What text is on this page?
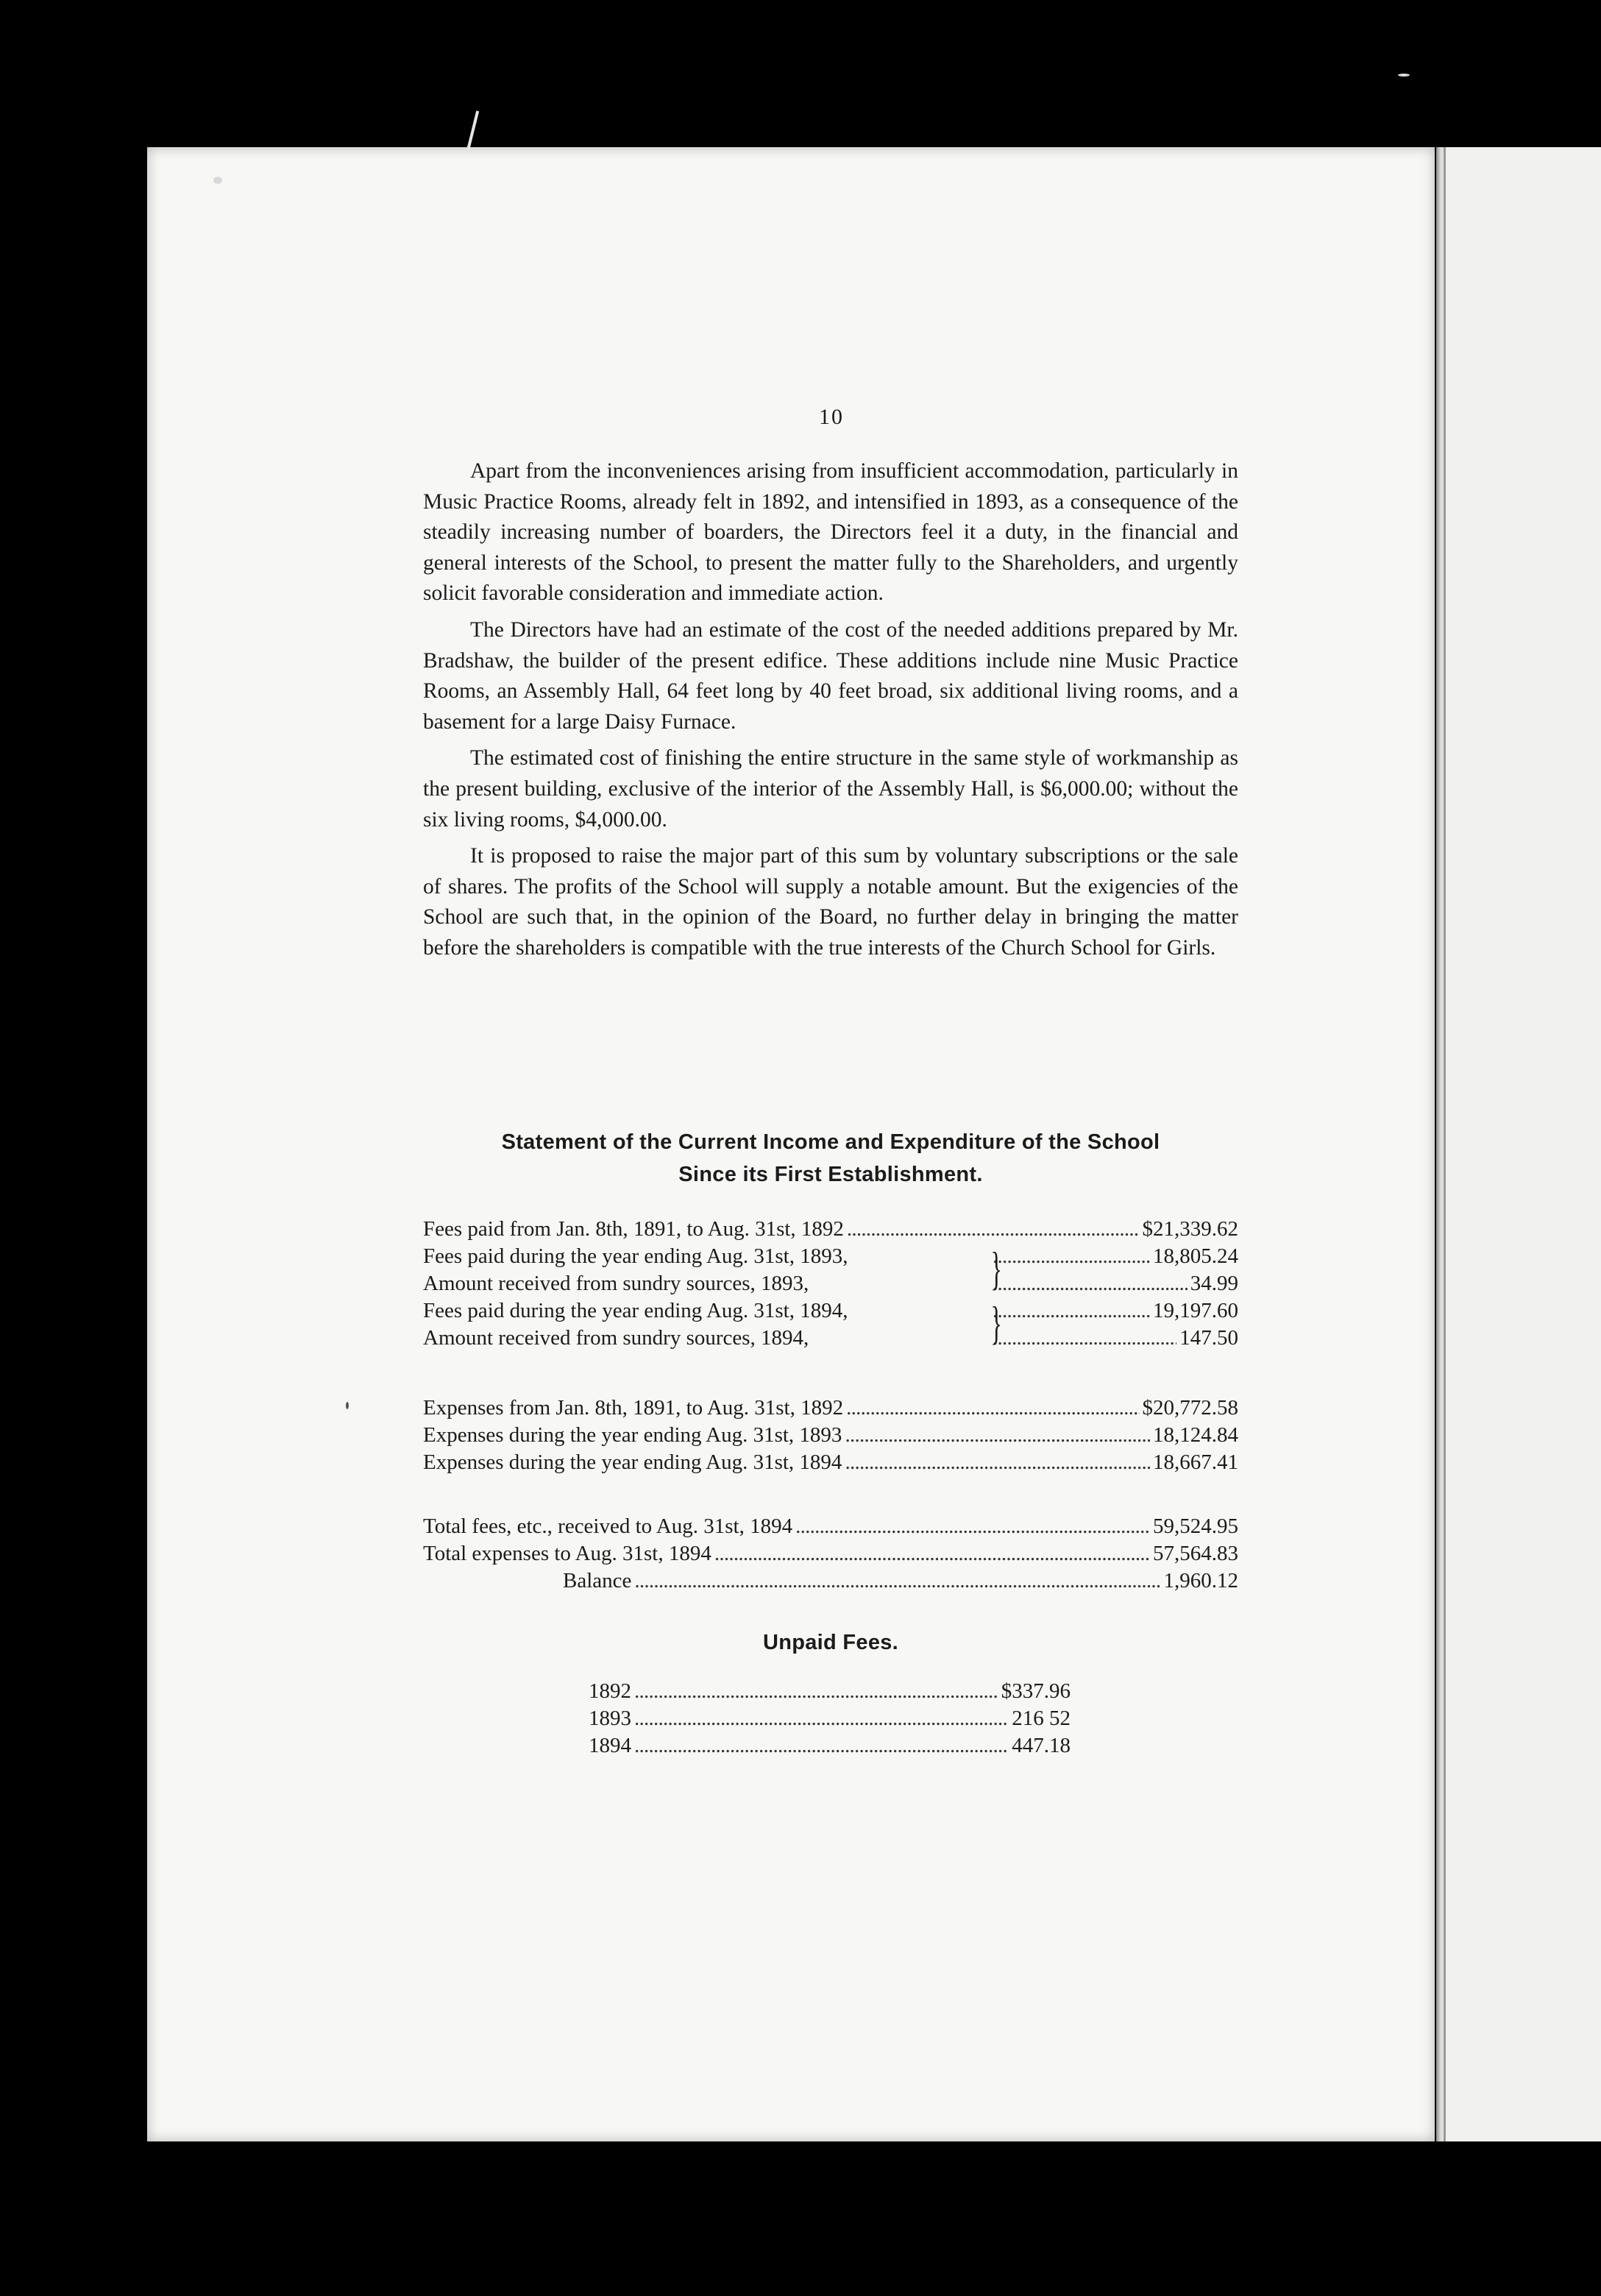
10

Apart from the inconveniences arising from insufficient accommodation, particularly in Music Practice Rooms, already felt in 1892, and intensified in 1893, as a consequence of the steadily increasing number of boarders, the Directors feel it a duty, in the financial and general interests of the School, to present the matter fully to the Shareholders, and urgently solicit favorable consideration and immediate action.

The Directors have had an estimate of the cost of the needed additions prepared by Mr. Bradshaw, the builder of the present edifice. These additions include nine Music Practice Rooms, an Assembly Hall, 64 feet long by 40 feet broad, six additional living rooms, and a basement for a large Daisy Furnace.

The estimated cost of finishing the entire structure in the same style of workmanship as the present building, exclusive of the interior of the Assembly Hall, is $6,000.00; without the six living rooms, $4,000.00.

It is proposed to raise the major part of this sum by voluntary subscriptions or the sale of shares. The profits of the School will supply a notable amount. But the exigencies of the School are such that, in the opinion of the Board, no further delay in bringing the matter before the shareholders is compatible with the true interests of the Church School for Girls.

Statement of the Current Income and Expenditure of the School
Since its First Establishment.
Fees paid from Jan. 8th, 1891, to Aug. 31st, 1892 . . .	$21,339.62
}
Fees paid during the year ending Aug. 31st, 1893, . . .	18,805.24
Amount received from sundry sources, 1893, . . .	34.99
}
Fees paid during the year ending Aug. 31st, 1894, . . .	19,197.60
Amount received from sundry sources, 1894, . . .	147.50
Expenses from Jan. 8th, 1891, to Aug. 31st, 1892 . . .	$20,772.58
Expenses during the year ending Aug. 31st, 1893 . . .	18,124.84
Expenses during the year ending Aug. 31st, 1894 . . .	18,667.41
Total fees, etc., received to Aug. 31st, 1894 . . .	59,524.95
Total expenses to Aug. 31st, 1894 . . .	57,564.83
Balance . . .	1,960.12
Unpaid Fees.
1892 . . .	$337.96
1893 . . .	216 52
1894 . . .	447.18
